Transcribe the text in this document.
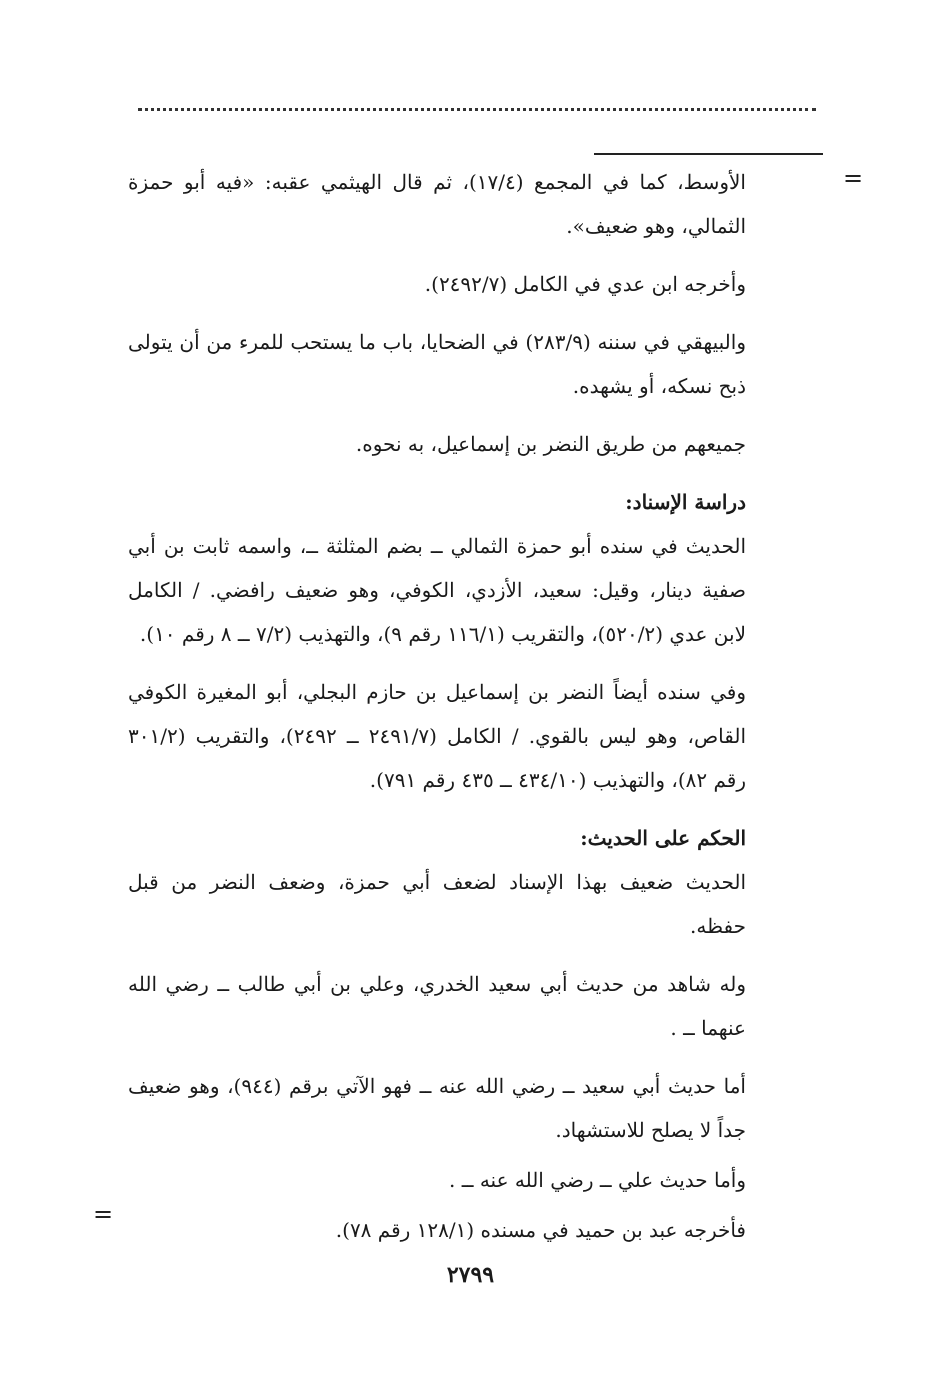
=

الأوسط، كما في المجمع (١٧/٤)، ثم قال الهيثمي عقبه: «فيه أبو حمزة الثمالي، وهو ضعيف».

وأخرجه ابن عدي في الكامل (٢٤٩٢/٧).

والبيهقي في سننه (٢٨٣/٩) في الضحايا، باب ما يستحب للمرء من أن يتولى ذبح نسكه، أو يشهده.

جميعهم من طريق النضر بن إسماعيل، به نحوه.

دراسة الإسناد:

الحديث في سنده أبو حمزة الثمالي ــ بضم المثلثة ــ، واسمه ثابت بن أبي صفية دينار، وقيل: سعيد، الأزدي، الكوفي، وهو ضعيف رافضي. / الكامل لابن عدي (٥٢٠/٢)، والتقريب (١١٦/١ رقم ٩)، والتهذيب (٧/٢ ــ ٨ رقم ١٠).

وفي سنده أيضاً النضر بن إسماعيل بن حازم البجلي، أبو المغيرة الكوفي القاص، وهو ليس بالقوي. / الكامل (٢٤٩١/٧ ــ ٢٤٩٢)، والتقريب (٣٠١/٢ رقم ٨٢)، والتهذيب (٤٣٤/١٠ ــ ٤٣٥ رقم ٧٩١).

الحكم على الحديث:

الحديث ضعيف بهذا الإسناد لضعف أبي حمزة، وضعف النضر من قبل حفظه.

وله شاهد من حديث أبي سعيد الخدري، وعلي بن أبي طالب ــ رضي الله عنهما ــ .

أما حديث أبي سعيد ــ رضي الله عنه ــ فهو الآتي برقم (٩٤٤)، وهو ضعيف جداً لا يصلح للاستشهاد.

وأما حديث علي ــ رضي الله عنه ــ .

فأخرجه عبد بن حميد في مسنده (١٢٨/١ رقم ٧٨).

=
٢٧٩٩
